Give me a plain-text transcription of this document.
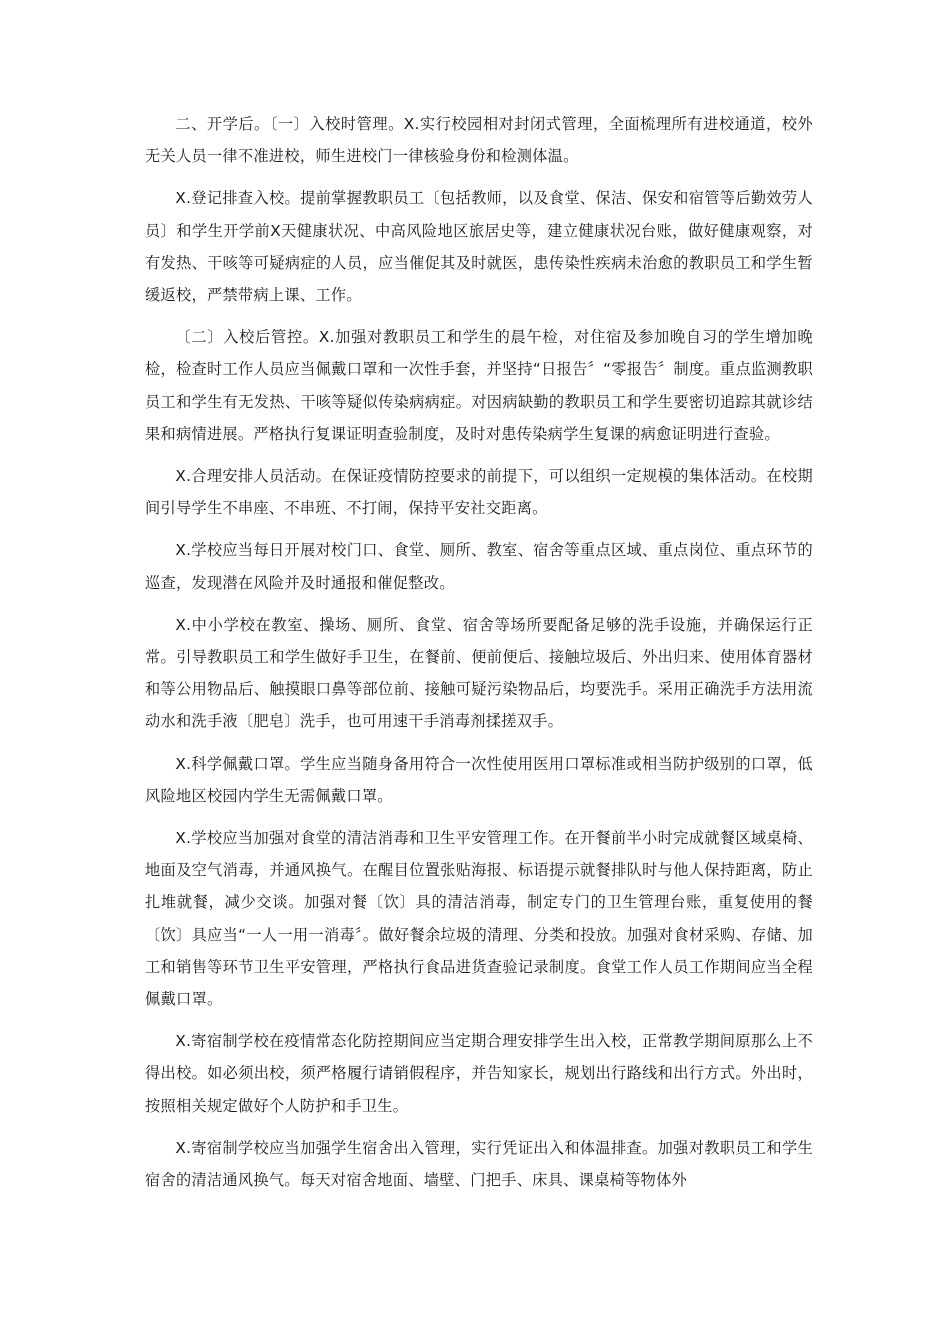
二、开学后。〔一〕入校时管理。X.实行校园相对封闭式管理，全面梳理所有进校通道，校外无关人员一律不准进校，师生进校门一律核验身份和检测体温。

X.登记排查入校。提前掌握教职员工〔包括教师，以及食堂、保洁、保安和宿管等后勤效劳人员〕和学生开学前X天健康状况、中高风险地区旅居史等，建立健康状况台账，做好健康观察，对有发热、干咳等可疑病症的人员，应当催促其及时就医，患传染性疾病未治愈的教职员工和学生暂缓返校，严禁带病上课、工作。

〔二〕入校后管控。X.加强对教职员工和学生的晨午检，对住宿及参加晚自习的学生增加晚检，检查时工作人员应当佩戴口罩和一次性手套，并坚持“日报告〞“零报告〞制度。重点监测教职员工和学生有无发热、干咳等疑似传染病病症。对因病缺勤的教职员工和学生要密切追踪其就诊结果和病情进展。严格执行复课证明查验制度，及时对患传染病学生复课的病愈证明进行查验。

X.合理安排人员活动。在保证疫情防控要求的前提下，可以组织一定规模的集体活动。在校期间引导学生不串座、不串班、不打闹，保持平安社交距离。

X.学校应当每日开展对校门口、食堂、厕所、教室、宿舍等重点区域、重点岗位、重点环节的巡查，发现潜在风险并及时通报和催促整改。

X.中小学校在教室、操场、厕所、食堂、宿舍等场所要配备足够的洗手设施，并确保运行正常。引导教职员工和学生做好手卫生，在餐前、便前便后、接触垃圾后、外出归来、使用体育器材和等公用物品后、触摸眼口鼻等部位前、接触可疑污染物品后，均要洗手。采用正确洗手方法用流动水和洗手液〔肥皂〕洗手，也可用速干手消毒剂揉搓双手。

X.科学佩戴口罩。学生应当随身备用符合一次性使用医用口罩标准或相当防护级别的口罩，低风险地区校园内学生无需佩戴口罩。

X.学校应当加强对食堂的清洁消毒和卫生平安管理工作。在开餐前半小时完成就餐区域桌椅、地面及空气消毒，并通风换气。在醒目位置张贴海报、标语提示就餐排队时与他人保持距离，防止扎堆就餐，减少交谈。加强对餐〔饮〕具的清洁消毒，制定专门的卫生管理台账，重复使用的餐〔饮〕具应当“一人一用一消毒〞。做好餐余垃圾的清理、分类和投放。加强对食材采购、存储、加工和销售等环节卫生平安管理，严格执行食品进货查验记录制度。食堂工作人员工作期间应当全程佩戴口罩。

X.寄宿制学校在疫情常态化防控期间应当定期合理安排学生出入校，正常教学期间原那么上不得出校。如必须出校，须严格履行请销假程序，并告知家长，规划出行路线和出行方式。外出时，按照相关规定做好个人防护和手卫生。

X.寄宿制学校应当加强学生宿舍出入管理，实行凭证出入和体温排查。加强对教职员工和学生宿舍的清洁通风换气。每天对宿舍地面、墙壁、门把手、床具、课桌椅等物体外
